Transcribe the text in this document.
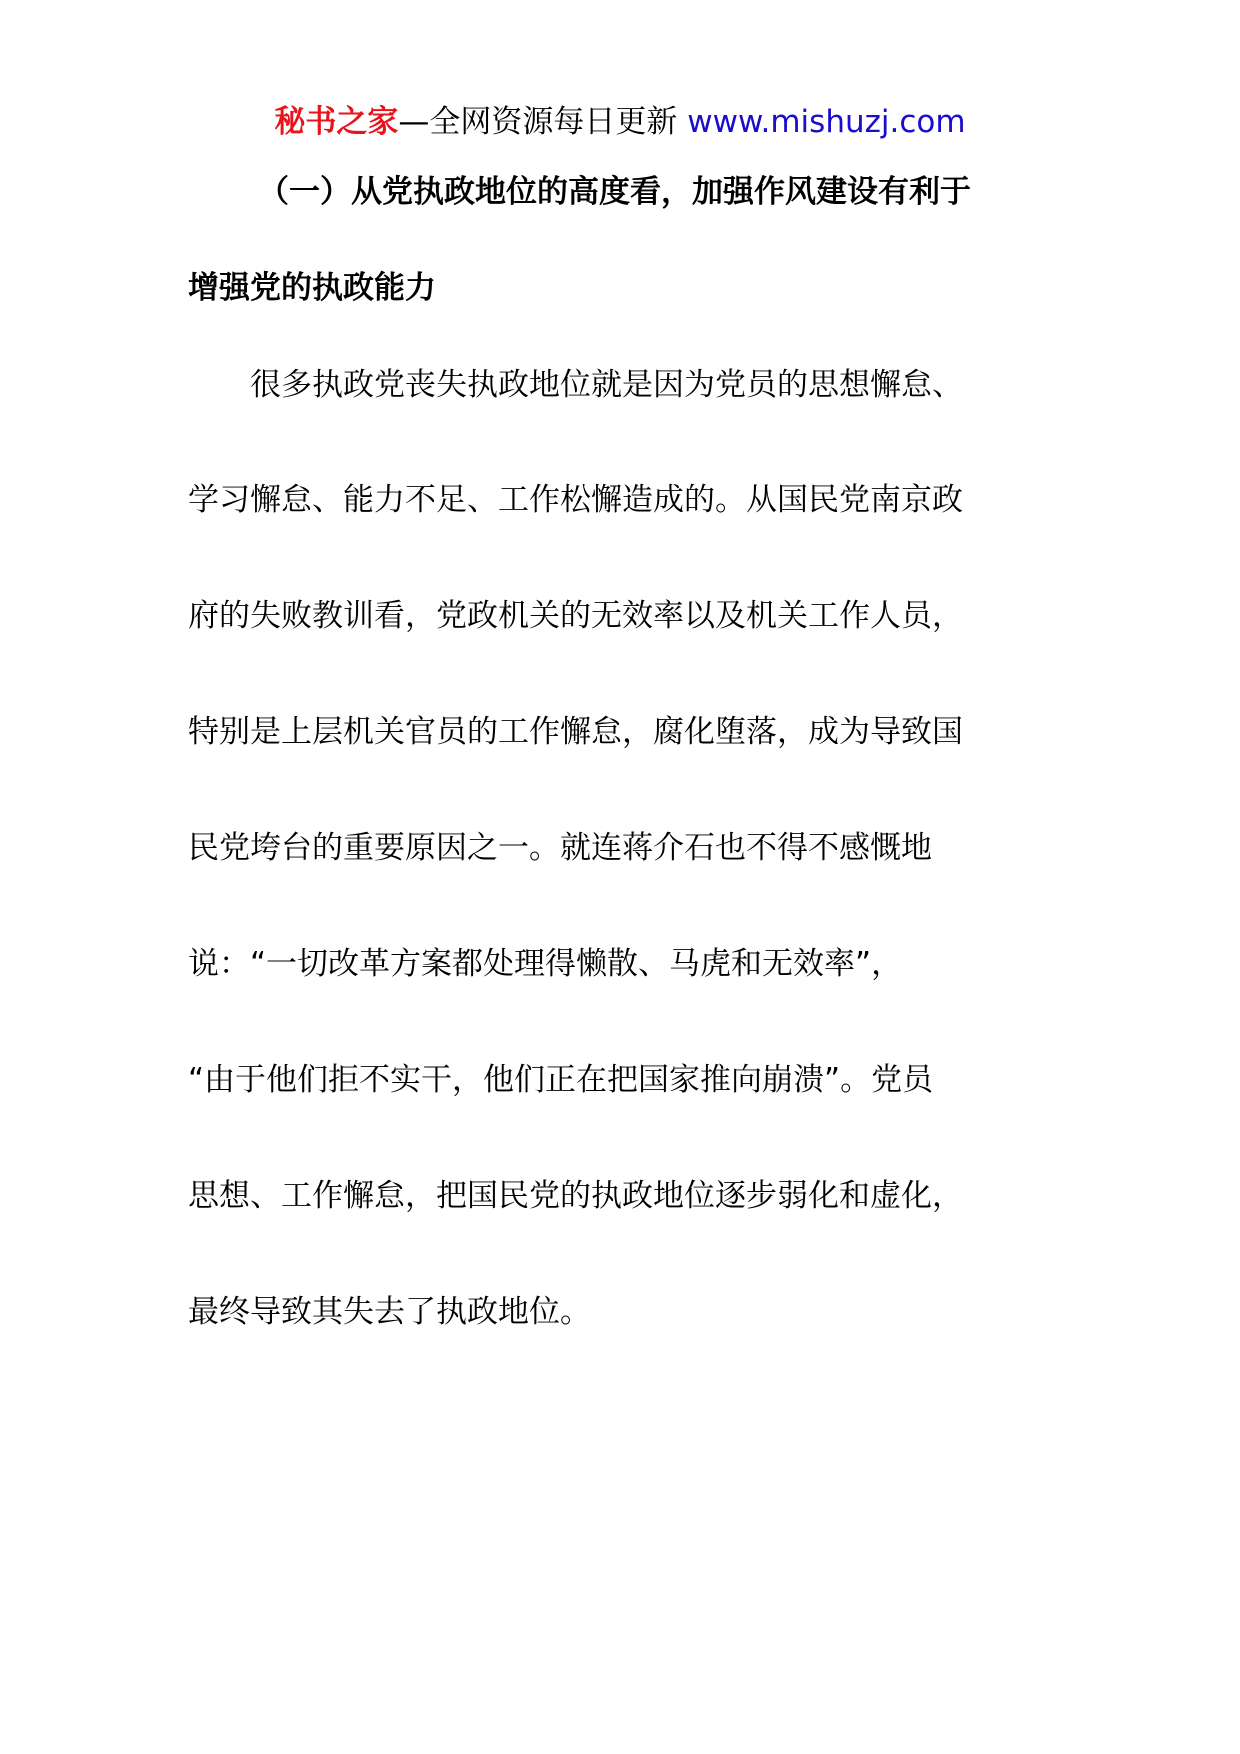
秘书之家—全网资源每日更新 www.mishuzj.com
（一）从党执政地位的高度看，加强作风建设有利于
增强党的执政能力
　　很多执政党丧失执政地位就是因为党员的思想懈怠、
学习懈怠、能力不足、工作松懈造成的。从国民党南京政
府的失败教训看，党政机关的无效率以及机关工作人员，
特别是上层机关官员的工作懈怠，腐化堕落，成为导致国
民党垮台的重要原因之一。就连蒋介石也不得不感慨地
说：“一切改革方案都处理得懒散、马虎和无效率”，
“由于他们拒不实干，他们正在把国家推向崩溃”。党员
思想、工作懈怠，把国民党的执政地位逐步弱化和虚化，
最终导致其失去了执政地位。
